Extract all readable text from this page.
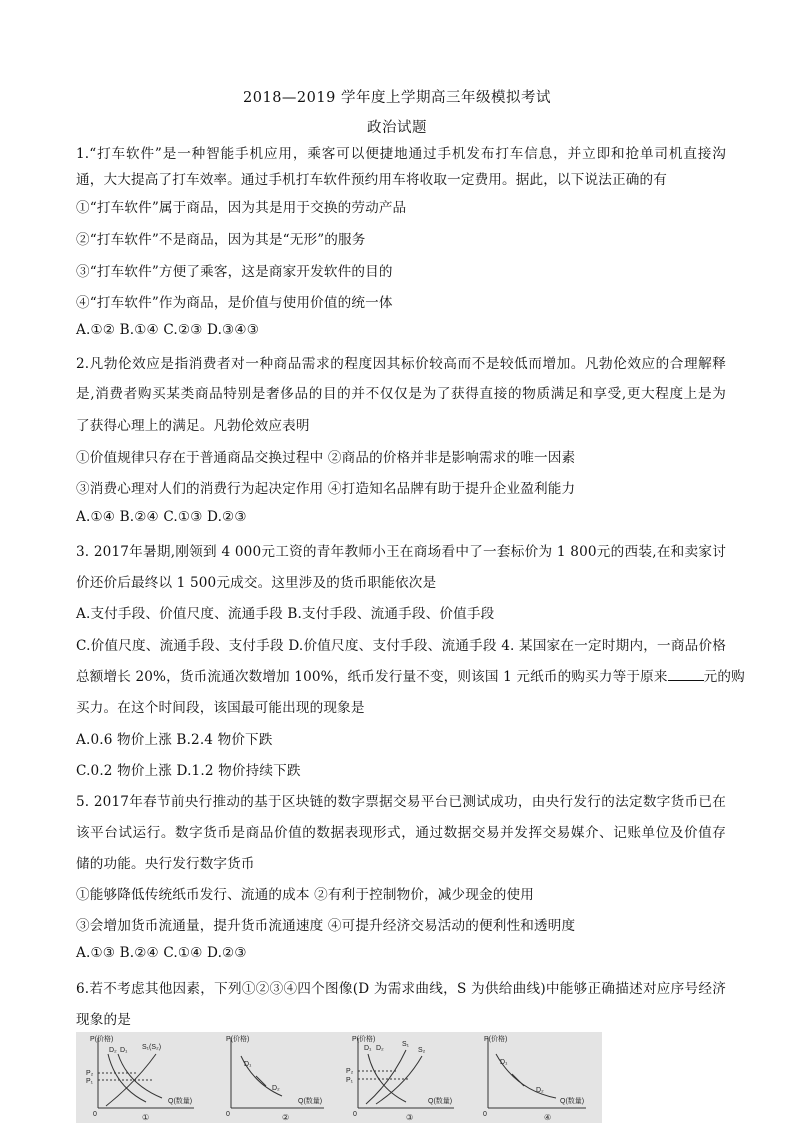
2018—2019 学年度上学期高三年级模拟考试
政治试题
1.“打车软件”是一种智能手机应用，乘客可以便捷地通过手机发布打车信息，并立即和抢单司机直接沟
通，大大提高了打车效率。通过手机打车软件预约用车将收取一定费用。据此，以下说法正确的有
①“打车软件”属于商品，因为其是用于交换的劳动产品
②“打车软件”不是商品，因为其是“无形”的服务
③“打车软件”方便了乘客，这是商家开发软件的目的
④“打车软件”作为商品，是价值与使用价值的统一体
A.①② B.①④ C.②③ D.③④③
2.凡勃伦效应是指消费者对一种商品需求的程度因其标价较高而不是较低而增加。凡勃伦效应的合理解释
是,消费者购买某类商品特别是奢侈品的目的并不仅仅是为了获得直接的物质满足和享受,更大程度上是为
了获得心理上的满足。凡勃伦效应表明
①价值规律只存在于普通商品交换过程中 ②商品的价格并非是影响需求的唯一因素
③消费心理对人们的消费行为起决定作用 ④打造知名品牌有助于提升企业盈利能力
A.①④ B.②④ C.①③ D.②③
3. 2017年暑期,刚领到 4 000元工资的青年教师小王在商场看中了一套标价为 1 800元的西装,在和卖家讨
价还价后最终以 1 500元成交。这里涉及的货币职能依次是
A.支付手段、价值尺度、流通手段 B.支付手段、流通手段、价值手段
C.价值尺度、流通手段、支付手段 D.价值尺度、支付手段、流通手段 4. 某国家在一定时期内，一商品价格
总额增长 20%，货币流通次数增加 100%，纸币发行量不变，则该国 1 元纸币的购买力等于原来	元的购
买力。在这个时间段，该国最可能出现的现象是
A.0.6 物价上涨 B.2.4 物价下跌
C.0.2 物价上涨 D.1.2 物价持续下跌
5. 2017年春节前央行推动的基于区块链的数字票据交易平台已测试成功，由央行发行的法定数字货币已在
该平台试运行。数字货币是商品价值的数据表现形式，通过数据交易并发挥交易媒介、记账单位及价值存
储的功能。央行发行数字货币
①能够降低传统纸币发行、流通的成本 ②有利于控制物价，减少现金的使用
③会增加货币流通量，提升货币流通速度 ④可提升经济交易活动的便利性和透明度
A.①③ B.②④ C.①④ D.②③
6.若不考虑其他因素，下列①②③④四个图像(D 为需求曲线，S 为供给曲线)中能够正确描述对应序号经济
现象的是
P(价格)
Q(数量)
0
D₂ D₁ S₁(S₂)
P₂
P₁
①
P(价格)
Q(数量)
0
D₁
D₂
②
P(价格)
Q(数量)
0
D₁ D₂
S₁
S₂
P₂
P₁
③
P(价格)
Q(数量)
0
D₁
D₂
④
